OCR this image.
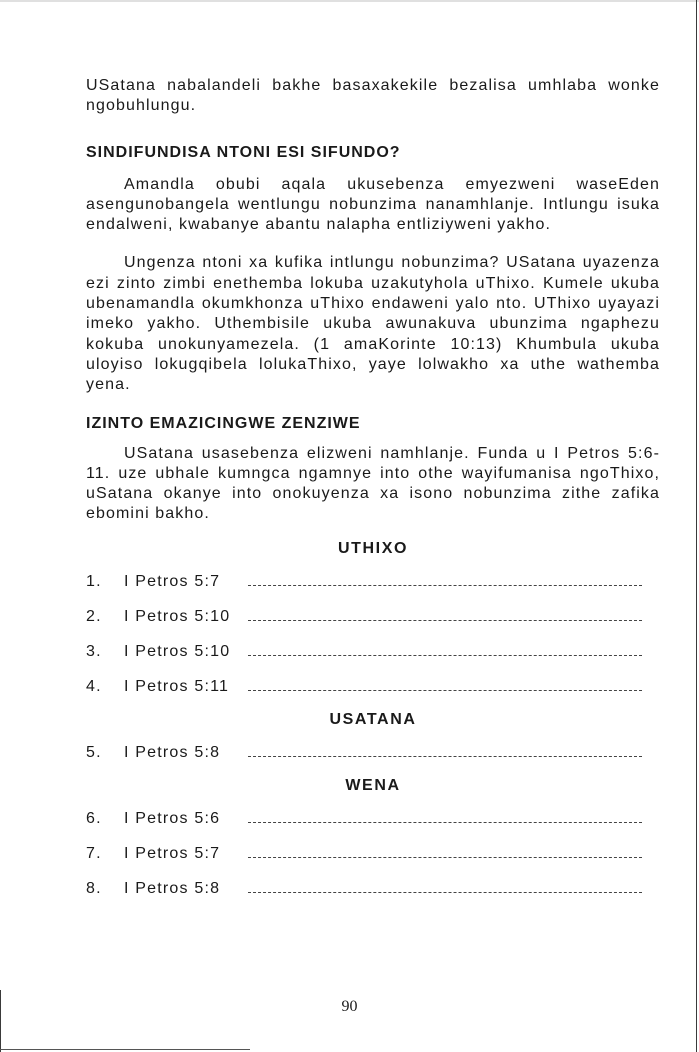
USatana nabalandeli bakhe basaxakekile bezalisa umhlaba wonke ngobuhlungu.

SINDIFUNDISA NTONI ESI SIFUNDO?

Amandla obubi aqala ukusebenza emyezweni waseEden asengunobangela wentlungu nobunzima nanamhlanje. Intlungu isuka endalweni, kwabanye abantu nalapha entliziyweni yakho.

Ungenza ntoni xa kufika intlungu nobunzima? USatana uyazenza ezi zinto zimbi enethemba lokuba uzakutyhola uThixo. Kumele ukuba ubenamandla okumkhonza uThixo endaweni yalo nto. UThixo uyayazi imeko yakho. Uthembisile ukuba awunakuva ubunzima ngaphezu kokuba unokunyamezela. (1 amaKorinte 10:13) Khumbula ukuba uloyiso lokugqibela lolukaThixo, yaye lolwakho xa uthe wathemba yena.

IZINTO EMAZICINGWE ZENZIWE

USatana usasebenza elizweni namhlanje. Funda u I Petros 5:6-11. uze ubhale kumngca ngamnye into othe wayifumanisa ngoThixo, uSatana okanye into onokuyenza xa isono nobunzima zithe zafika ebomini bakho.

UTHIXO
1.	I Petros 5:7
2.	I Petros 5:10
3.	I Petros 5:10
4.	I Petros 5:11
USATANA
5.	I Petros 5:8
WENA
6.	I Petros 5:6
7.	I Petros 5:7
8.	I Petros 5:8
90
